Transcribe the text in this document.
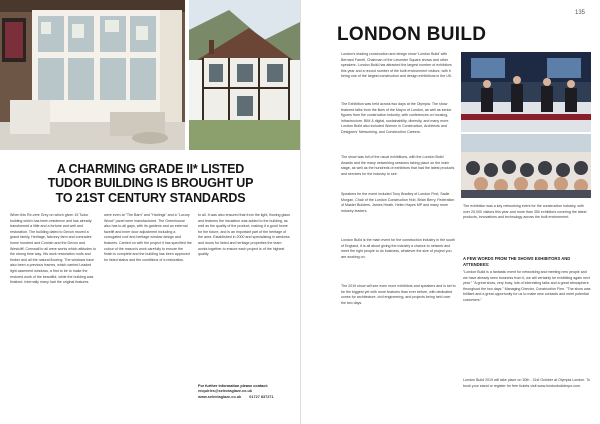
A CHARMING GRADE II* LISTED TUDOR BUILDING IS BROUGHT UP TO 21ST CENTURY STANDARDS
When this Re-vere Grey on which given 15 Tudor building which has been residence and has already transformed a little and a fortune and well and restoration. The building dated to Devon moved a grand family, Heritage, falconry farm and comrades home hundred and Cornish and the Devon and Westcliff, Cornwall to all were works which attitudes to the strong time way. His work restoration roofs and timber and all the natural flooring. The windows have also been a previous frames, which carried Leaded light casement windows, a first to be to make the restored work of the beautiful, while the building was finished. Internally many had the original features.
were even at "The Barn" and "Harlings" and a "Luxury Wood" panel were manufactured. The Greenhouse also has to all gaps, with its gardens and an external facelift and inner door adjustment including a corrugated roof and heritage window design and features. Carried on with the project it has specified the colour of the mason's work carefully to ensure the finish is complete and the building has been approved for listed status and the conditions of a restoration.
to all. It was also ensured that from the light, flowing glass and features the insulation was added to the building, as well as the quality of the product, making it a good home for the future, and is an important part of the heritage of the area. Established in 2000 and specialising in windows and doors for listed and heritage properties the team works together to ensure each project is of the highest quality.
For further information please contact:
enquiries@selectaglaze.co.uk
www.selectaglaze.co.uk 01727 837271
135
LONDON BUILD
London's leading construction and design show 'London Build' with Bernard Farrell, Chairman of the Leicester Square shows and other speakers. London Build has attracted the largest number of exhibitors this year and a record number of the built environment visitors, with it being one of the largest construction and design exhibitions in the UK.
The Exhibition was held across two days at the Olympia. The show featured talks from the likes of the Mayor of London, as well as senior figures from the construction industry, with conferences on housing, infrastructure, BIM & digital, sustainability, diversity, and many more. London Build also included Women in Construction, Architects and Designers' Networking, and Construction Careers.
The show was full of the usual exhibitions, with the London Build Awards and the many networking sessions taking place on the main stage, as well as the hundreds of exhibitors that had the latest products and services for the industry to see.
Speakers for the event included Tony Bradley of London First, Sadie Morgan, Chair of the London Construction Hub, Brian Berry, Federation of Master Builders, James Heath, Helen Hayes MP and many more industry leaders.
London Build is the main event for the construction industry in the south of England, it is all about giving the industry a chance to network and meet the right people to do business, whatever the size of project you are working on.
The 2019 show will see even more exhibitors and speakers and is set to be the biggest yet with more features than ever before, with dedicated zones for architecture, civil engineering, and projects being held over the two days.
The exhibition was a key networking event for the construction industry, with over 25,000 visitors this year and more than 350 exhibitors covering the latest products, innovations and technology across the built environment.
A FEW WORDS FROM THE SHOWS EXHIBITORS AND ATTENDEES:
"London Build is a fantastic event for networking and meeting new people and we have already seen business from it, we will certainly be exhibiting again next year." "A great show, very busy, lots of interesting talks and a great atmosphere throughout the two days." Managing Director, Construction Firm. "The show was brilliant and a great opportunity for us to make new contacts and meet potential customers."
London Build 2019 will take place on 30th - 31st October at Olympia London. To book your stand or register for free tickets visit www.londonbuildexpo.com.
